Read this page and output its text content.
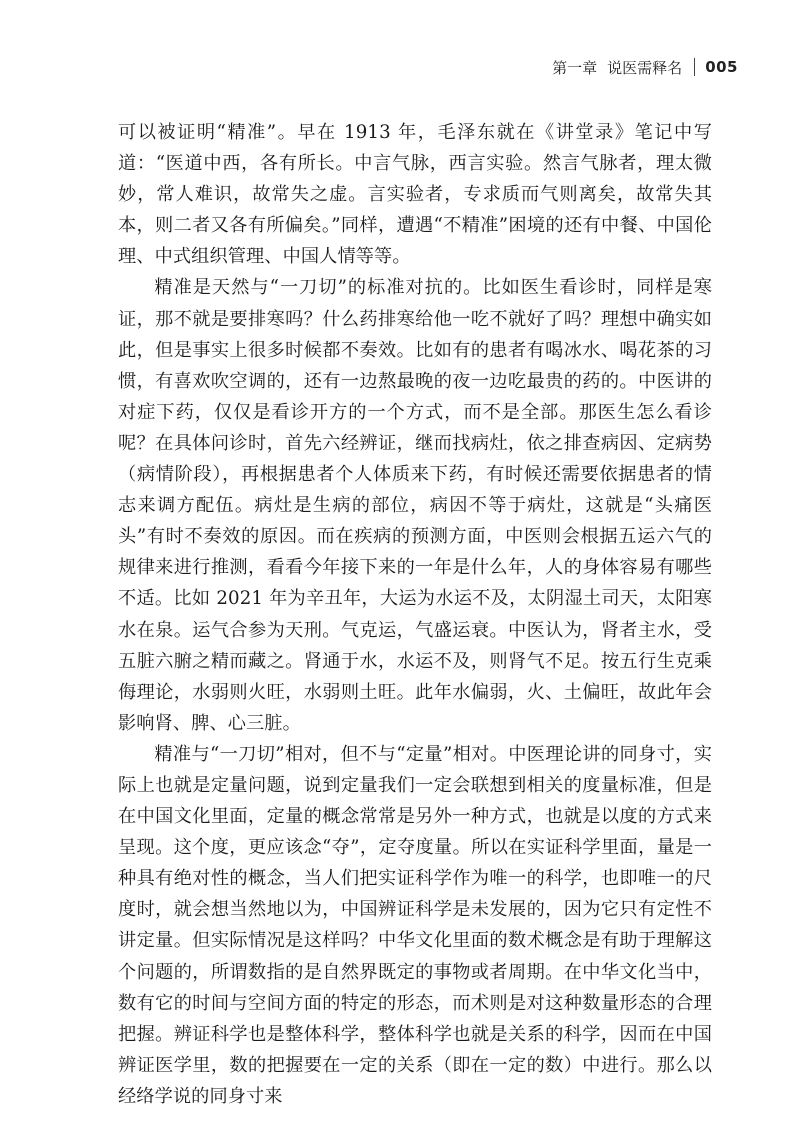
第一章 说医需释名 005

可以被证明“精准”。早在 1913 年，毛泽东就在《讲堂录》笔记中写道：“医道中西，各有所长。中言气脉，西言实验。然言气脉者，理太微妙，常人难识，故常失之虚。言实验者，专求质而气则离矣，故常失其本，则二者又各有所偏矣。”同样，遭遇“不精准”困境的还有中餐、中国伦理、中式组织管理、中国人情等等。

精准是天然与“一刀切”的标准对抗的。比如医生看诊时，同样是寒证，那不就是要排寒吗？什么药排寒给他一吃不就好了吗？理想中确实如此，但是事实上很多时候都不奏效。比如有的患者有喝冰水、喝花茶的习惯，有喜欢吹空调的，还有一边熬最晚的夜一边吃最贵的药的。中医讲的对症下药，仅仅是看诊开方的一个方式，而不是全部。那医生怎么看诊呢？在具体问诊时，首先六经辨证，继而找病灶，依之排查病因、定病势（病情阶段），再根据患者个人体质来下药，有时候还需要依据患者的情志来调方配伍。病灶是生病的部位，病因不等于病灶，这就是“头痛医头”有时不奏效的原因。而在疾病的预测方面，中医则会根据五运六气的规律来进行推测，看看今年接下来的一年是什么年，人的身体容易有哪些不适。比如 2021 年为辛丑年，大运为水运不及，太阴湿土司天，太阳寒水在泉。运气合参为天刑。气克运，气盛运衰。中医认为，肾者主水，受五脏六腑之精而藏之。肾通于水，水运不及，则肾气不足。按五行生克乘侮理论，水弱则火旺，水弱则土旺。此年水偏弱，火、土偏旺，故此年会影响肾、脾、心三脏。

精准与“一刀切”相对，但不与“定量”相对。中医理论讲的同身寸，实际上也就是定量问题，说到定量我们一定会联想到相关的度量标准，但是在中国文化里面，定量的概念常常是另外一种方式，也就是以度的方式来呈现。这个度，更应该念“夺”，定夺度量。所以在实证科学里面，量是一种具有绝对性的概念，当人们把实证科学作为唯一的科学，也即唯一的尺度时，就会想当然地以为，中国辨证科学是未发展的，因为它只有定性不讲定量。但实际情况是这样吗？中华文化里面的数术概念是有助于理解这个问题的，所谓数指的是自然界既定的事物或者周期。在中华文化当中，数有它的时间与空间方面的特定的形态，而术则是对这种数量形态的合理把握。辨证科学也是整体科学，整体科学也就是关系的科学，因而在中国辨证医学里，数的把握要在一定的关系（即在一定的数）中进行。那么以经络学说的同身寸来
